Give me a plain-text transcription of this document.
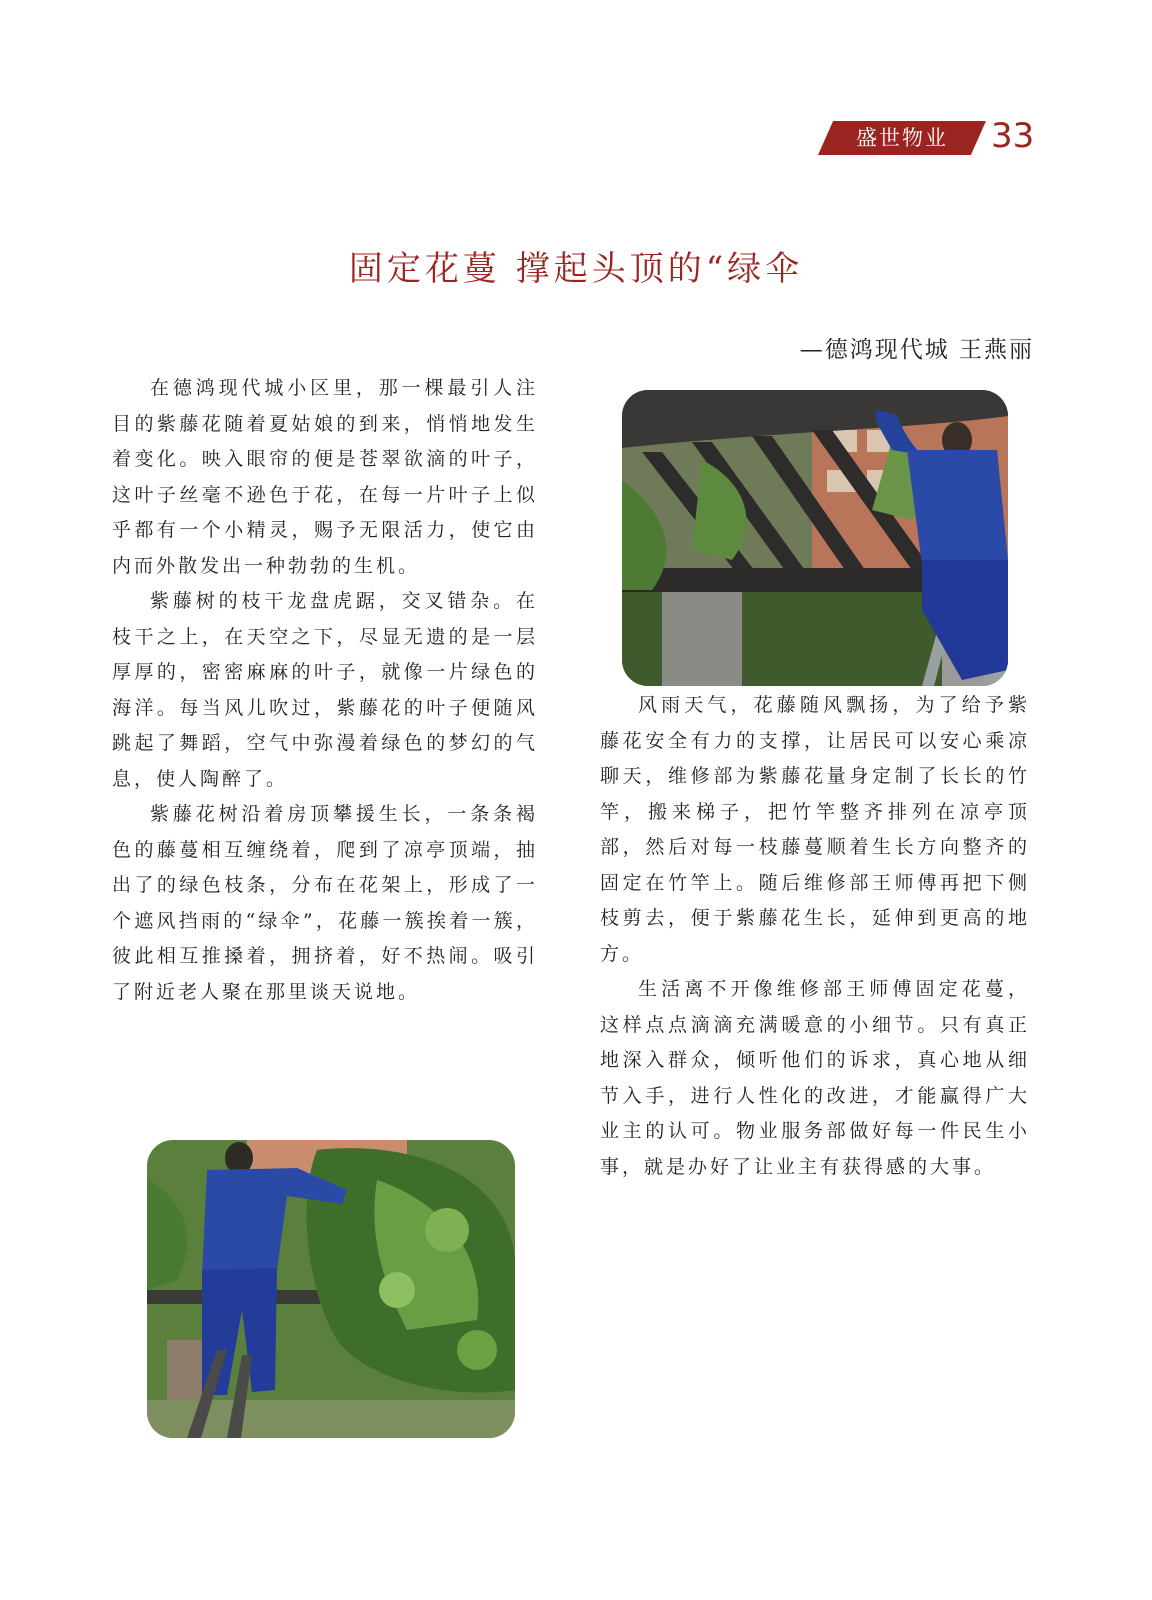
盛世物业	33
固定花蔓 撑起头顶的“绿伞
—德鸿现代城 王燕丽

在德鸿现代城小区里，那一棵最引人注目的紫藤花随着夏姑娘的到来，悄悄地发生着变化。映入眼帘的便是苍翠欲滴的叶子，这叶子丝毫不逊色于花，在每一片叶子上似乎都有一个小精灵，赐予无限活力，使它由内而外散发出一种勃勃的生机。

紫藤树的枝干龙盘虎踞，交叉错杂。在枝干之上，在天空之下，尽显无遗的是一层厚厚的，密密麻麻的叶子，就像一片绿色的海洋。每当风儿吹过，紫藤花的叶子便随风跳起了舞蹈，空气中弥漫着绿色的梦幻的气息，使人陶醉了。

紫藤花树沿着房顶攀援生长，一条条褐色的藤蔓相互缠绕着，爬到了凉亭顶端，抽出了的绿色枝条，分布在花架上，形成了一个遮风挡雨的“绿伞”，花藤一簇挨着一簇，彼此相互推搡着，拥挤着，好不热闹。吸引了附近老人聚在那里谈天说地。

风雨天气，花藤随风飘扬，为了给予紫藤花安全有力的支撑，让居民可以安心乘凉聊天，维修部为紫藤花量身定制了长长的竹竿，搬来梯子，把竹竿整齐排列在凉亭顶部，然后对每一枝藤蔓顺着生长方向整齐的固定在竹竿上。随后维修部王师傅再把下侧枝剪去，便于紫藤花生长，延伸到更高的地方。

生活离不开像维修部王师傅固定花蔓，这样点点滴滴充满暖意的小细节。只有真正地深入群众，倾听他们的诉求，真心地从细节入手，进行人性化的改进，才能赢得广大业主的认可。物业服务部做好每一件民生小事，就是办好了让业主有获得感的大事。
